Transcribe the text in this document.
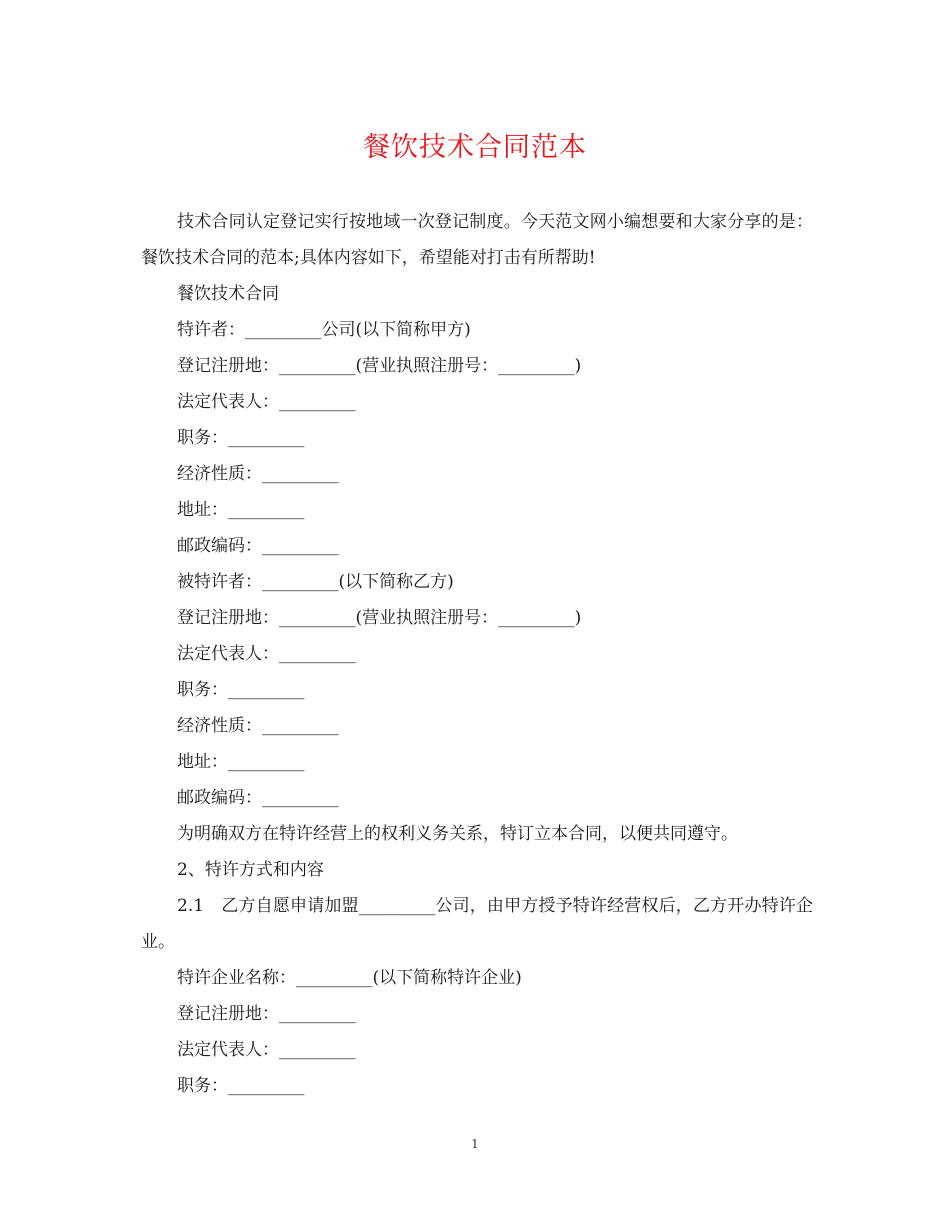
餐饮技术合同范本

技术合同认定登记实行按地域一次登记制度。今天范文网小编想要和大家分享的是：餐饮技术合同的范本;具体内容如下，希望能对打击有所帮助!

餐饮技术合同

特许者：_________公司(以下简称甲方)

登记注册地：_________(营业执照注册号：_________)

法定代表人：_________

职务：_________

经济性质：_________

地址：_________

邮政编码：_________

被特许者：_________(以下简称乙方)

登记注册地：_________(营业执照注册号：_________)

法定代表人：_________

职务：_________

经济性质：_________

地址：_________

邮政编码：_________

为明确双方在特许经营上的权利义务关系，特订立本合同，以便共同遵守。

2、特许方式和内容

2.1　乙方自愿申请加盟_________公司，由甲方授予特许经营权后，乙方开办特许企业。

特许企业名称：_________(以下简称特许企业)

登记注册地：_________

法定代表人：_________

职务：_________

1
